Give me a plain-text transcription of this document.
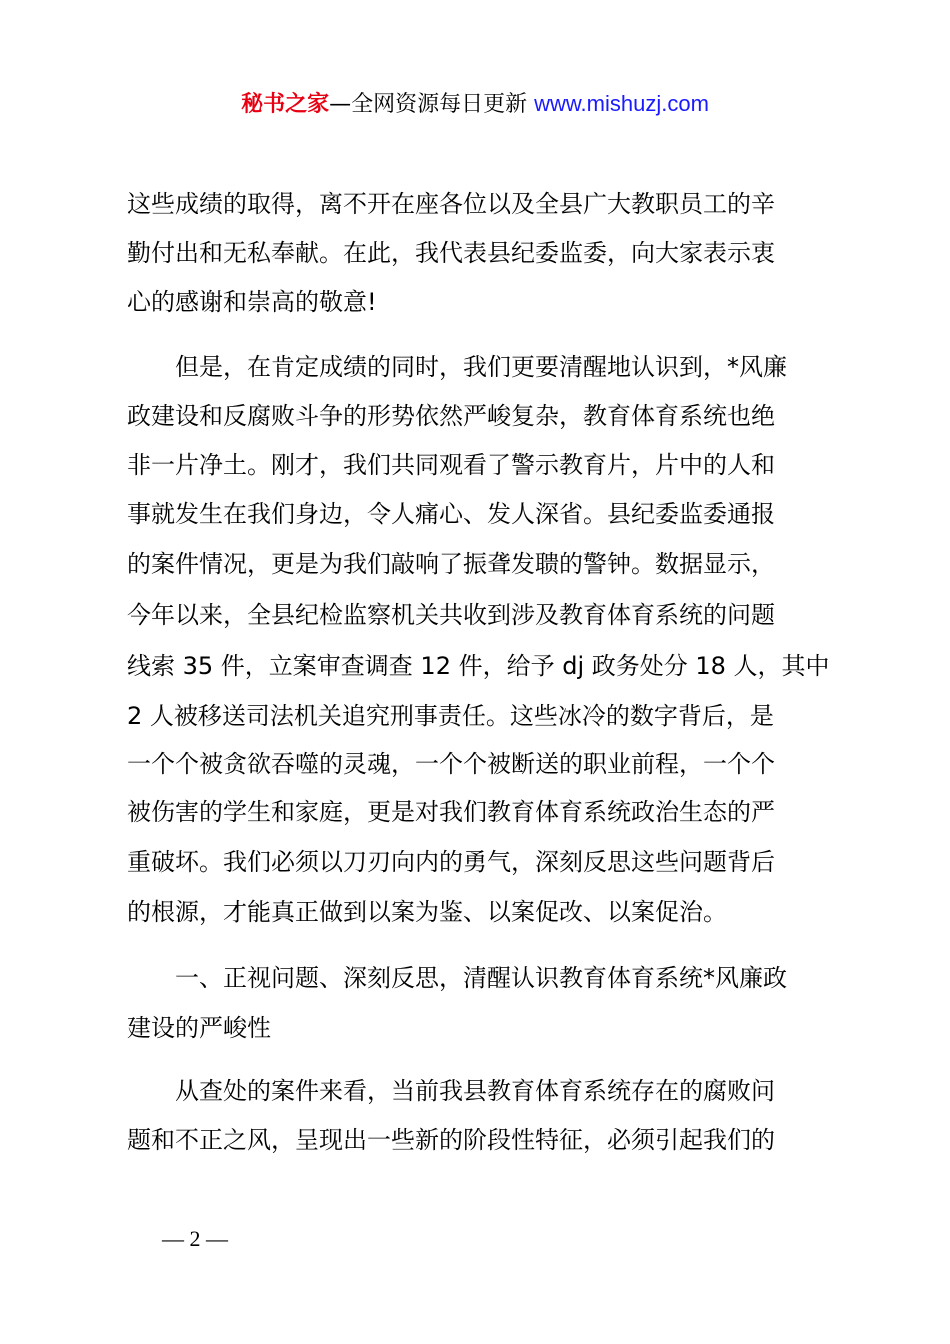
秘书之家—全网资源每日更新 www.mishuzj.com
这些成绩的取得，离不开在座各位以及全县广大教职员工的辛
勤付出和无私奉献。在此，我代表县纪委监委，向大家表示衷
心的感谢和崇高的敬意!
　　但是，在肯定成绩的同时，我们更要清醒地认识到，*风廉
政建设和反腐败斗争的形势依然严峻复杂，教育体育系统也绝
非一片净土。刚才，我们共同观看了警示教育片，片中的人和
事就发生在我们身边，令人痛心、发人深省。县纪委监委通报
的案件情况，更是为我们敲响了振聋发聩的警钟。数据显示，
今年以来，全县纪检监察机关共收到涉及教育体育系统的问题
线索 35 件，立案审查调查 12 件，给予 dj 政务处分 18 人，其中
2 人被移送司法机关追究刑事责任。这些冰冷的数字背后，是
一个个被贪欲吞噬的灵魂，一个个被断送的职业前程，一个个
被伤害的学生和家庭，更是对我们教育体育系统政治生态的严
重破坏。我们必须以刀刃向内的勇气，深刻反思这些问题背后
的根源，才能真正做到以案为鉴、以案促改、以案促治。
　　一、正视问题、深刻反思，清醒认识教育体育系统*风廉政
建设的严峻性
　　从查处的案件来看，当前我县教育体育系统存在的腐败问
题和不正之风，呈现出一些新的阶段性特征，必须引起我们的
— 2 —
